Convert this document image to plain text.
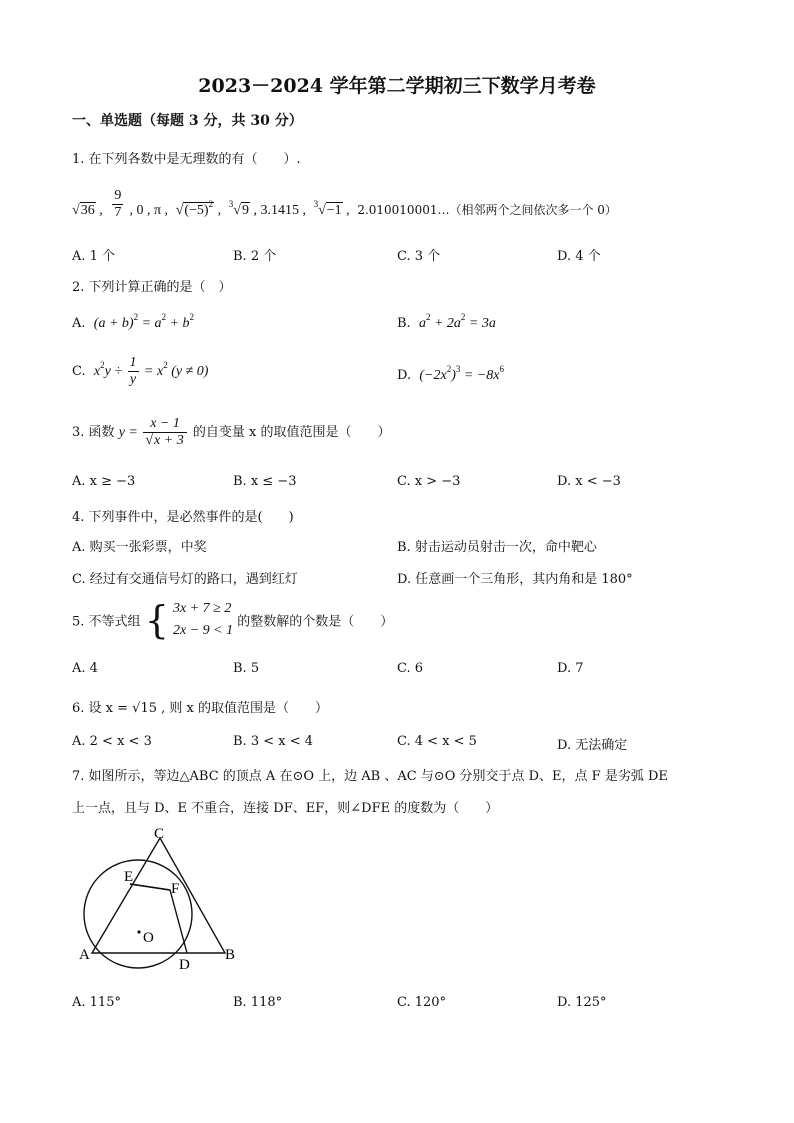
2023－2024 学年第二学期初三下数学月考卷
一、单选题（每题 3 分，共 30 分）
1. 在下列各数中是无理数的有（　　）.
√36 , $\frac{9}{7}$ , 0 , π ,  $√(-5)^2$ ,  $^3$√9 , 3.1415 ,  $^3$√−1 ,  2.010010001…（相邻两个之间依次多一个 0）
A. 1 个	B. 2 个	C. 3 个	D. 4 个
2. 下列计算正确的是（　）
A.  $(a + b)^2 = a^2 + b^2$	B.  $a^2 + 2a^2 = 3a$
C.  $x^2y \div \frac{1}{y} = x^2$ (y ≠ 0)	D.  $(-2x^2)^3 = -8x^6$
3. 函数 $y = \frac{x - 1}{√x + 3}$ 的自变量 x 的取值范围是（　　）
A. x ≥ −3	B. x ≤ −3	C. x > −3	D. x < −3
4. 下列事件中，是必然事件的是(　　)
A. 购买一张彩票，中奖	B. 射击运动员射击一次，命中靶心
C. 经过有交通信号灯的路口，遇到红灯	D. 任意画一个三角形，其内角和是 180°
5. 不等式组 { 3x + 7 ≥ 2
2x − 9 < 1
的整数解的个数是（　　）
A. 4	B. 5	C. 6	D. 7
6. 设 x = √15 , 则 x 的取值范围是（　　）
A. 2 < x < 3	B. 3 < x < 4	C. 4 < x < 5	D. 无法确定
7. 如图所示，等边△ABC 的顶点 A 在⊙O 上，边 AB 、AC 与⊙O 分别交于点 D、E，点 F 是劣弧 DE
上一点，且与 D、E 不重合，连接 DF、EF，则∠DFE 的度数为（　　）
C
E
F
O
A
D
B
A. 115°	B. 118°	C. 120°	D. 125°
